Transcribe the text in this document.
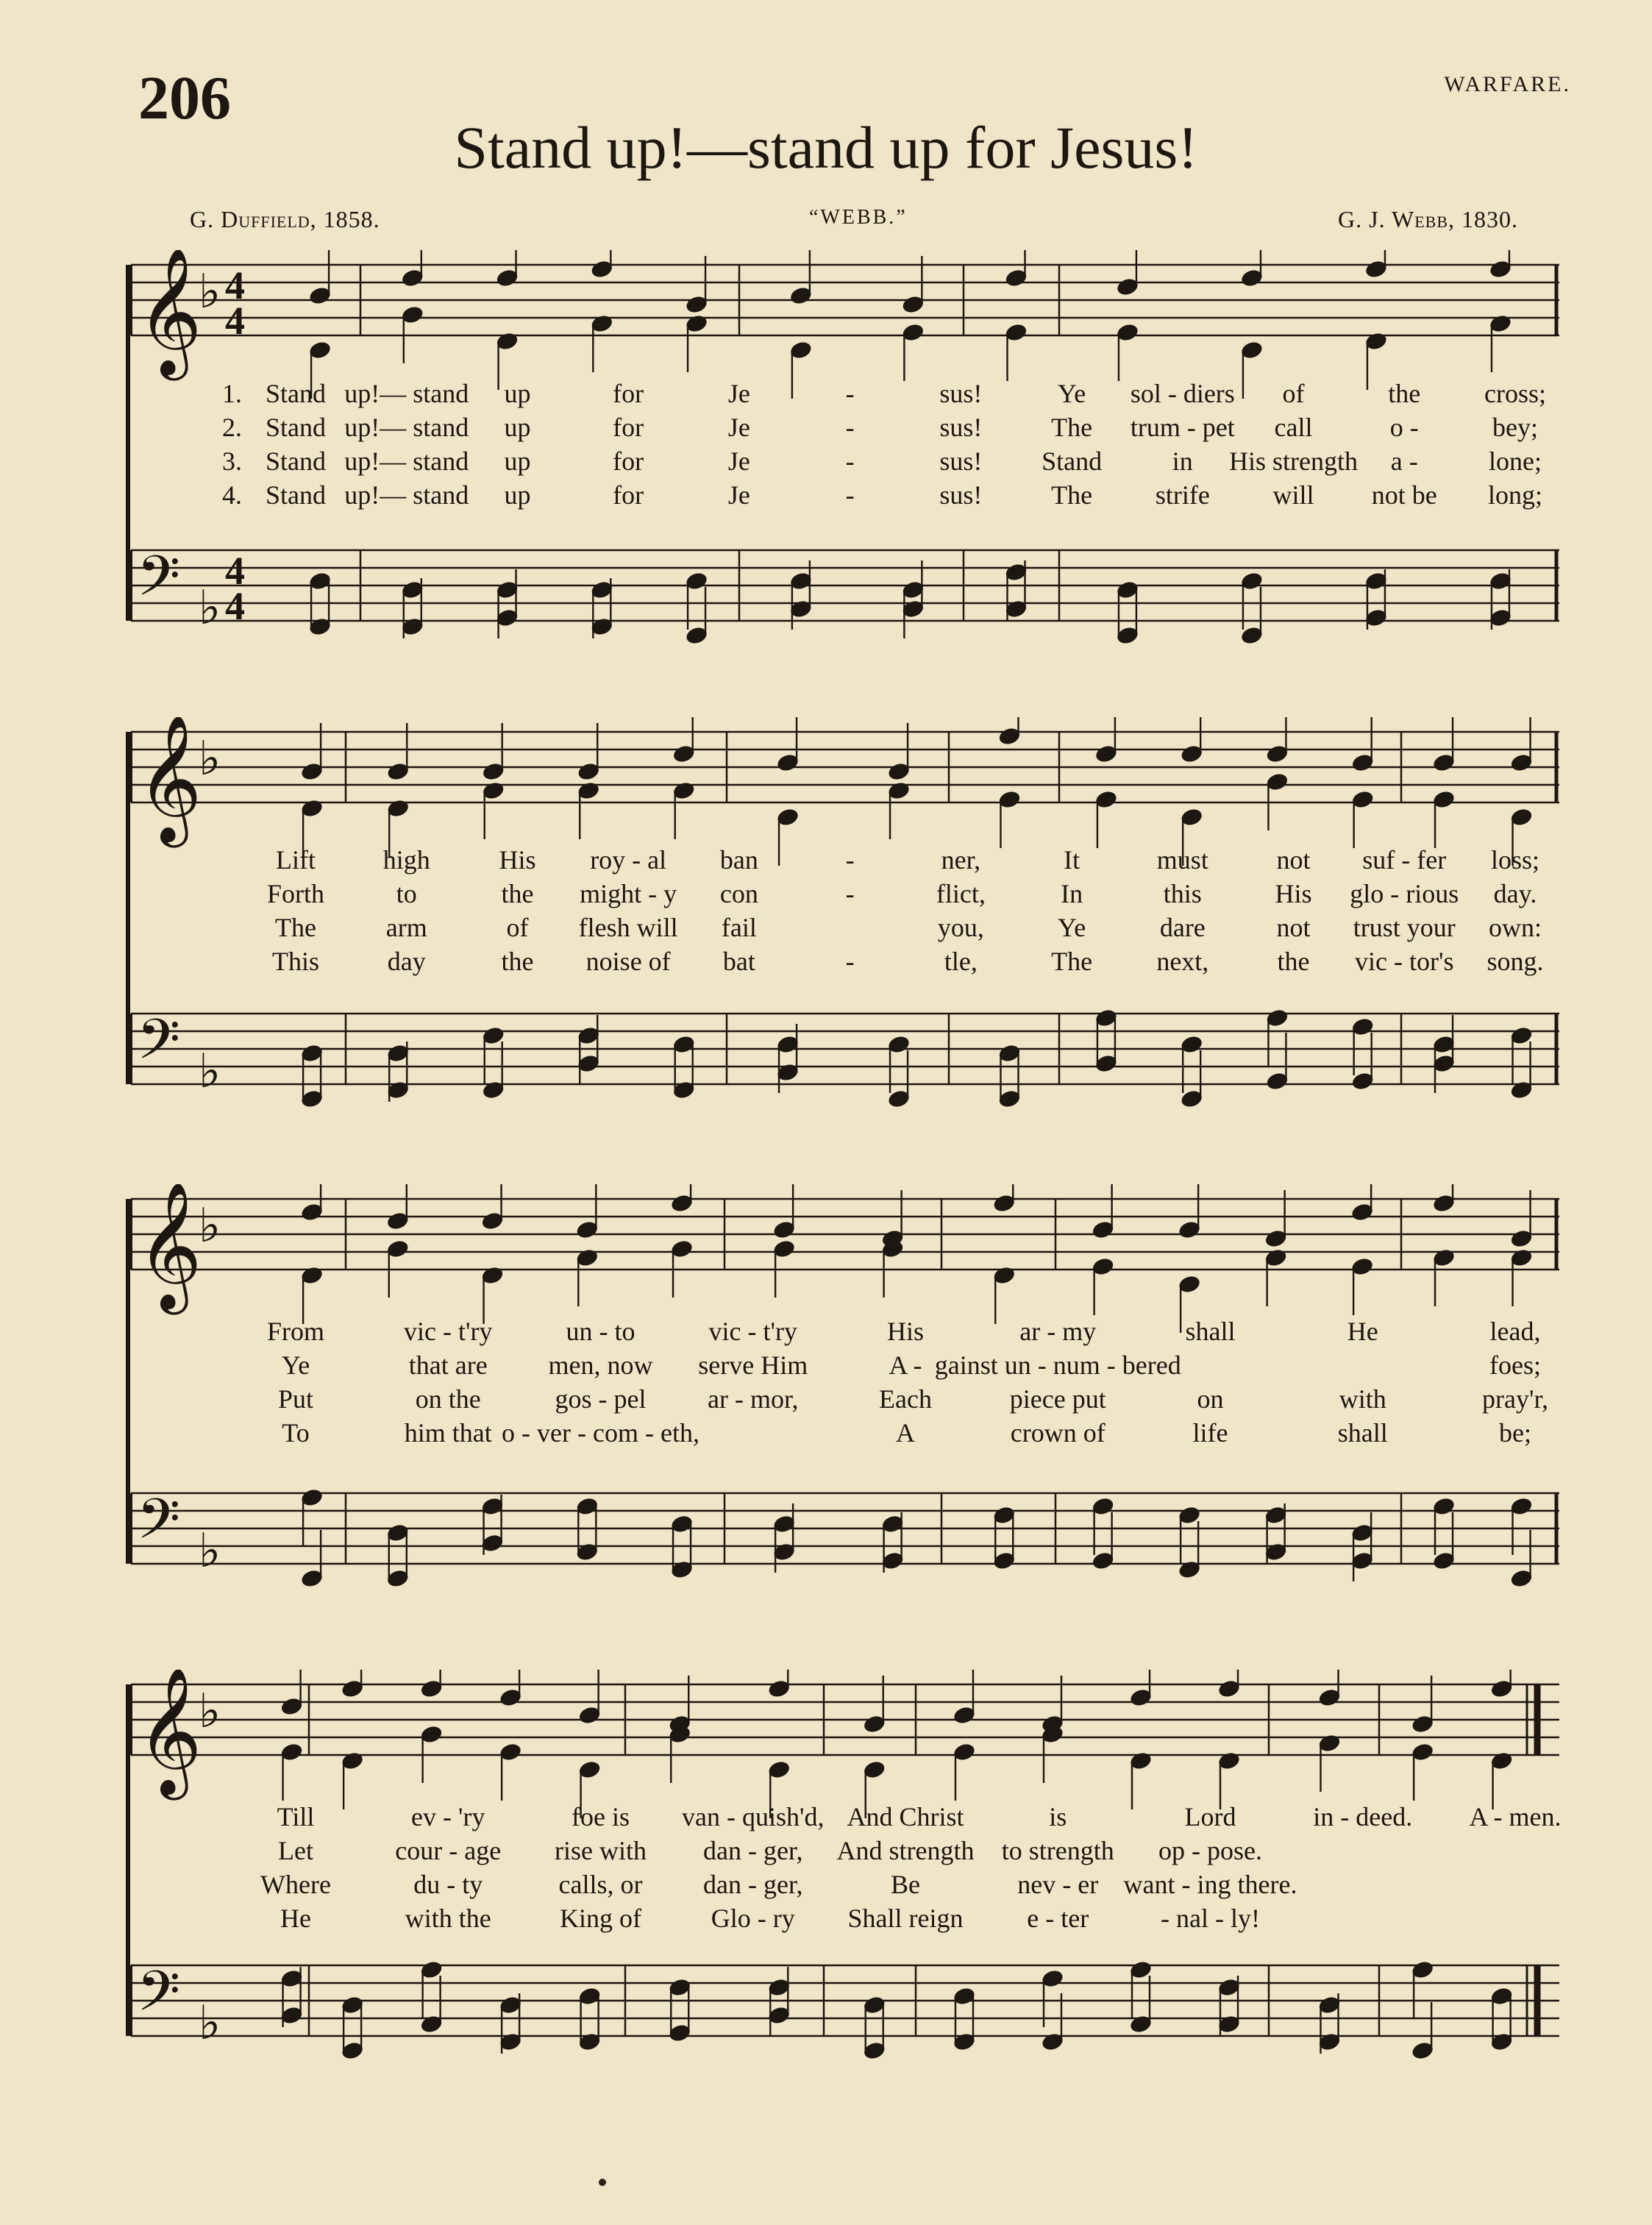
206	WARFARE.
Stand up!—stand up for Jesus!
G. Duffield, 1858.	“WEBB.”	G. J. Webb, 1830.
𝄞
♭ 4
4
𝄢 ♭
4
4
1. Stand up!— stand up	for	Je	-	sus!	Ye sol - diers of	the cross;
2. Stand up!— stand up	for	Je	-	sus!	The trum - pet call	o -	bey;
3. Stand up!— stand up	for	Je	-	sus! Stand	in His strength a -	lone;
4. Stand up!— stand up	for	Je	-	sus!	The strife will not be long;
𝄞
♭
𝄢 ♭
Lift	high	His roy - al ban	-	ner,	It	must	not suf - fer loss;
Forth	to	the might - y con	-	flict,	In	this	His glo - rious day.
The	arm	of flesh will fail	you,	Ye	dare	not trust your own:
This	day	the noise of bat	-	tle,	The next,	the vic - tor's song.
𝄞
♭
𝄢 ♭
From	vic - t'ry	un - to	vic - t'ry	His	ar - my	shall	He	lead,
Ye	that are men, now serve Him	A - gainst un - num - bered	foes;
Put	on the	gos - pel ar - mor,	Each	piece put	on	with	pray'r,
To	him that o - ver - com - eth,	A	crown of	life	shall	be;
𝄞
♭
𝄢 ♭
Till	ev - 'ry	foe is van - quish'd, And Christ	is	Lord	in - deed. A - men.
Let	cour - age rise with dan - ger, And strength to strength op - pose.
Where	du - ty	calls, or dan - ger,	Be	nev - er want - ing there.
He	with the	King of	Glo - ry Shall reign e - ter	- nal - ly!
